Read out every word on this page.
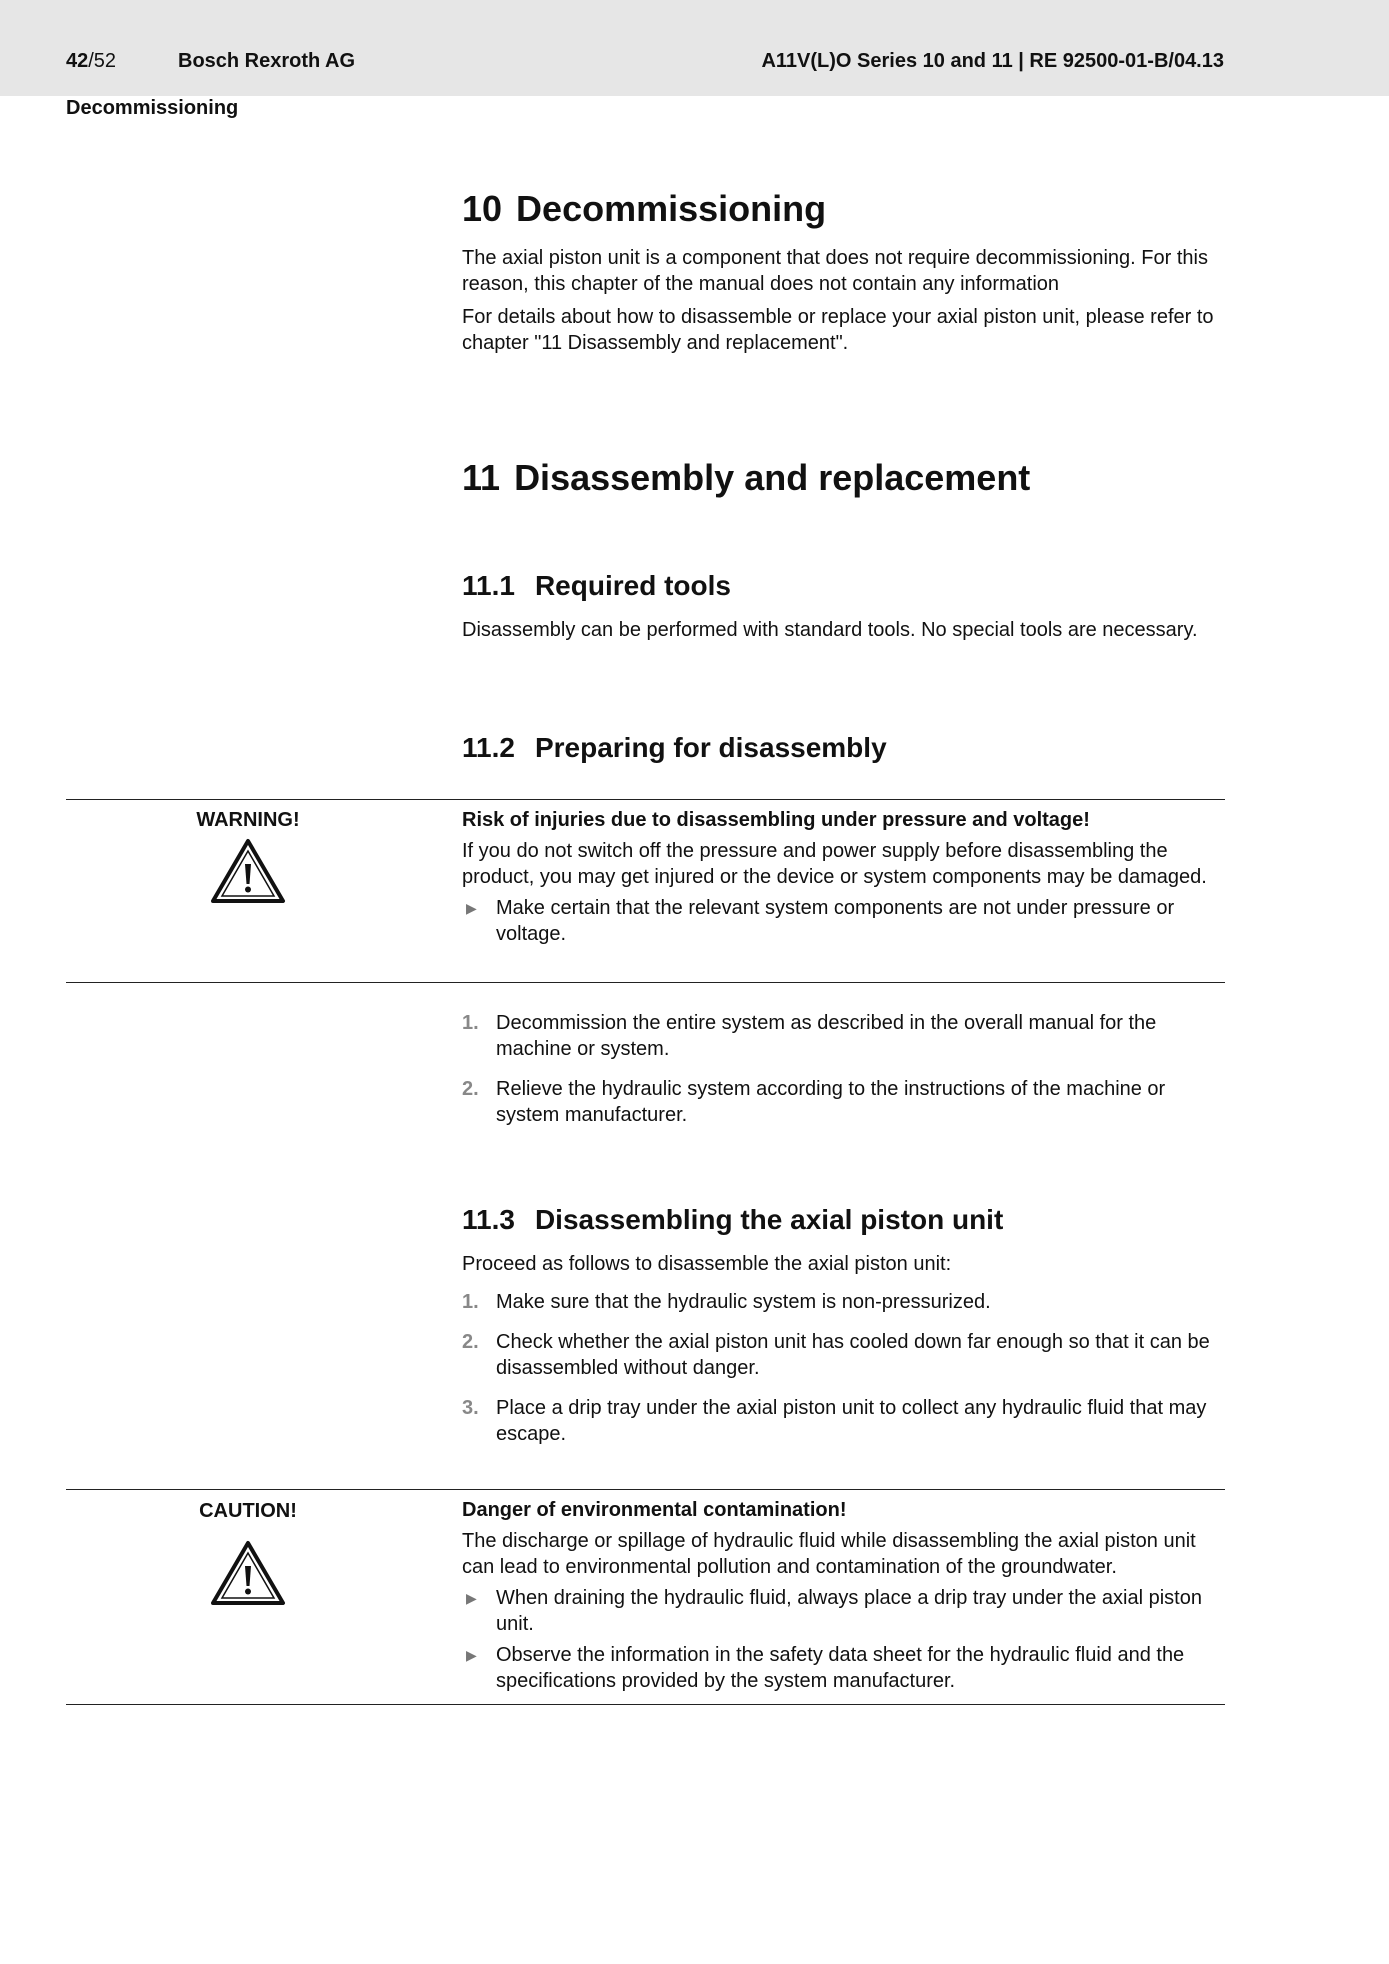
42/52	Bosch Rexroth AG	A11V(L)O Series 10 and 11 | RE 92500-01-B/04.13
Decommissioning
10 Decommissioning

The axial piston unit is a component that does not require decommissioning. For this reason, this chapter of the manual does not contain any information

For details about how to disassemble or replace your axial piston unit, please refer to chapter "11 Disassembly and replacement".

11 Disassembly and replacement
11.1 Required tools

Disassembly can be performed with standard tools. No special tools are necessary.

11.2 Preparing for disassembly
WARNING!	Risk of injuries due to disassembling under pressure and voltage!

If you do not switch off the pressure and power supply before disassembling the product, you may get injured or the device or system components may be damaged.

▶ Make certain that the relevant system components are not under pressure or voltage.
1. Decommission the entire system as described in the overall manual for the machine or system.
2. Relieve the hydraulic system according to the instructions of the machine or system manufacturer.
11.3 Disassembling the axial piston unit

Proceed as follows to disassemble the axial piston unit:

1. Make sure that the hydraulic system is non-pressurized.
2. Check whether the axial piston unit has cooled down far enough so that it can be disassembled without danger.
3. Place a drip tray under the axial piston unit to collect any hydraulic fluid that may escape.
CAUTION!	Danger of environmental contamination!

The discharge or spillage of hydraulic fluid while disassembling the axial piston unit can lead to environmental pollution and contamination of the groundwater.

▶ When draining the hydraulic fluid, always place a drip tray under the axial piston unit.
▶ Observe the information in the safety data sheet for the hydraulic fluid and the specifications provided by the system manufacturer.
